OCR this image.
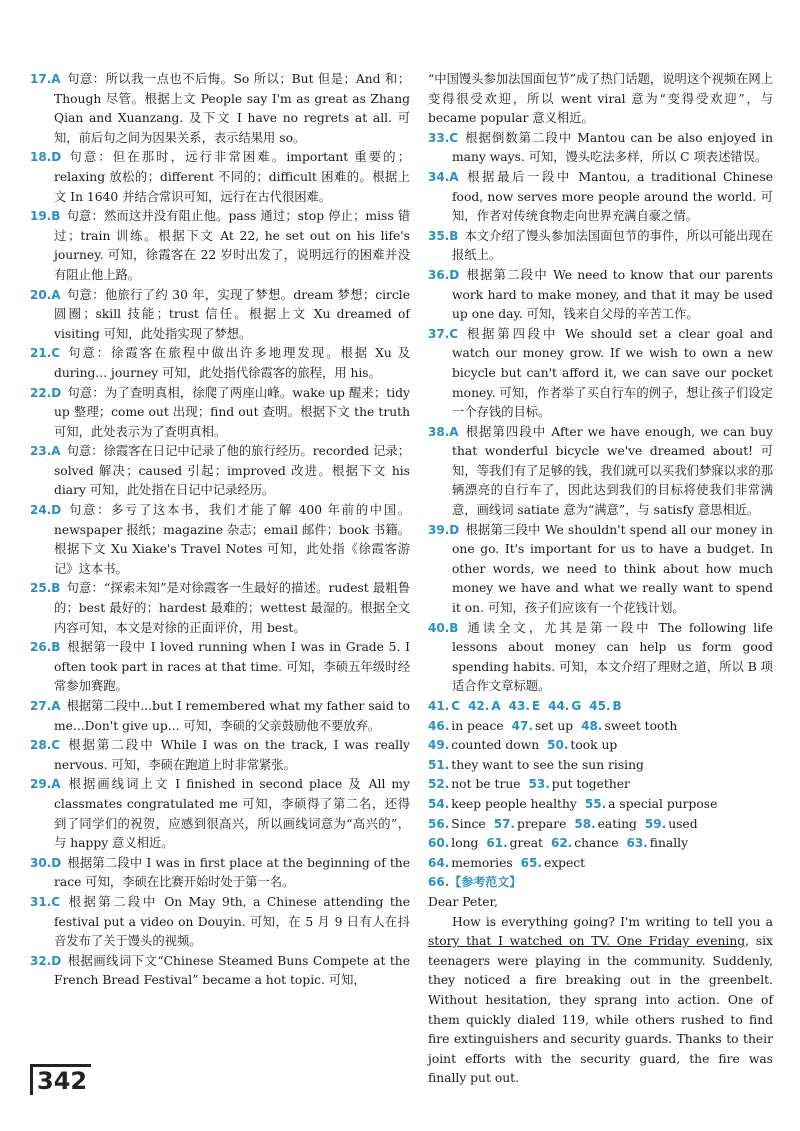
17.A 句意：所以我一点也不后悔。So 所以；But 但是；And 和；Though 尽管。根据上文 People say I'm as great as Zhang Qian and Xuanzang. 及下文 I have no regrets at all. 可知，前后句之间为因果关系，表示结果用 so。

18.D 句意：但在那时，远行非常困难。important 重要的；relaxing 放松的；different 不同的；difficult 困难的。根据上文 In 1640 并结合常识可知，远行在古代很困难。

19.B 句意：然而这并没有阻止他。pass 通过；stop 停止；miss 错过；train 训练。根据下文 At 22, he set out on his life's journey. 可知，徐霞客在 22 岁时出发了，说明远行的困难并没有阻止他上路。

20.A 句意：他旅行了约 30 年，实现了梦想。dream 梦想；circle 圆圈；skill 技能；trust 信任。根据上文 Xu dreamed of visiting 可知，此处指实现了梦想。

21.C 句意：徐霞客在旅程中做出许多地理发现。根据 Xu 及 during... journey 可知，此处指代徐霞客的旅程，用 his。

22.D 句意：为了查明真相，徐爬了两座山峰。wake up 醒来；tidy up 整理；come out 出现；find out 查明。根据下文 the truth 可知，此处表示为了查明真相。

23.A 句意：徐霞客在日记中记录了他的旅行经历。recorded 记录；solved 解决；caused 引起；improved 改进。根据下文 his diary 可知，此处指在日记中记录经历。

24.D 句意：多亏了这本书，我们才能了解 400 年前的中国。newspaper 报纸；magazine 杂志；email 邮件；book 书籍。根据下文 Xu Xiake's Travel Notes 可知，此处指《徐霞客游记》这本书。

25.B 句意：“探索未知”是对徐霞客一生最好的描述。rudest 最粗鲁的；best 最好的；hardest 最难的；wettest 最湿的。根据全文内容可知，本文是对徐的正面评价，用 best。

26.B 根据第一段中 I loved running when I was in Grade 5. I often took part in races at that time. 可知，李硕五年级时经常参加赛跑。

27.A 根据第二段中...but I remembered what my father said to me...Don't give up... 可知，李硕的父亲鼓励他不要放弃。

28.C 根据第二段中 While I was on the track, I was really nervous. 可知，李硕在跑道上时非常紧张。

29.A 根据画线词上文 I finished in second place 及 All my classmates congratulated me 可知，李硕得了第二名，还得到了同学们的祝贺，应感到很高兴，所以画线词意为“高兴的”，与 happy 意义相近。

30.D 根据第二段中 I was in first place at the beginning of the race 可知，李硕在比赛开始时处于第一名。

31.C 根据第二段中 On May 9th, a Chinese attending the festival put a video on Douyin. 可知，在 5 月 9 日有人在抖音发布了关于馒头的视频。

32.D 根据画线词下文“Chinese Steamed Buns Compete at the French Bread Festival” became a hot topic. 可知，

“中国馒头参加法国面包节”成了热门话题，说明这个视频在网上变得很受欢迎，所以 went viral 意为“变得受欢迎”，与 became popular 意义相近。

33.C 根据倒数第二段中 Mantou can be also enjoyed in many ways. 可知，馒头吃法多样，所以 C 项表述错误。

34.A 根据最后一段中 Mantou, a traditional Chinese food, now serves more people around the world. 可知，作者对传统食物走向世界充满自豪之情。

35.B 本文介绍了馒头参加法国面包节的事件，所以可能出现在报纸上。

36.D 根据第二段中 We need to know that our parents work hard to make money, and that it may be used up one day. 可知，钱来自父母的辛苦工作。

37.C 根据第四段中 We should set a clear goal and watch our money grow. If we wish to own a new bicycle but can't afford it, we can save our pocket money. 可知，作者举了买自行车的例子，想让孩子们设定一个存钱的目标。

38.A 根据第四段中 After we have enough, we can buy that wonderful bicycle we've dreamed about! 可知，等我们有了足够的钱，我们就可以买我们梦寐以求的那辆漂亮的自行车了，因此达到我们的目标将使我们非常满意，画线词 satiate 意为“满意”，与 satisfy 意思相近。

39.D 根据第三段中 We shouldn't spend all our money in one go. It's important for us to have a budget. In other words, we need to think about how much money we have and what we really want to spend it on. 可知，孩子们应该有一个花钱计划。

40.B 通读全文，尤其是第一段中 The following life lessons about money can help us form good spending habits. 可知，本文介绍了理财之道，所以 B 项适合作文章标题。

41. C 42. A 43. E 44. G 45. B

46. in peace 47. set up 48. sweet tooth

49. counted down 50. took up

51. they want to see the sun rising

52. not be true 53. put together

54. keep people healthy 55. a special purpose

56. Since 57. prepare 58. eating 59. used

60. long 61. great 62. chance 63. finally

64. memories 65. expect

66.【参考范文】

Dear Peter,

How is everything going? I'm writing to tell you a story that I watched on TV. One Friday evening, six teenagers were playing in the community. Suddenly, they noticed a fire breaking out in the greenbelt. Without hesitation, they sprang into action. One of them quickly dialed 119, while others rushed to find fire extinguishers and security guards. Thanks to their joint efforts with the security guard, the fire was finally put out.

342
